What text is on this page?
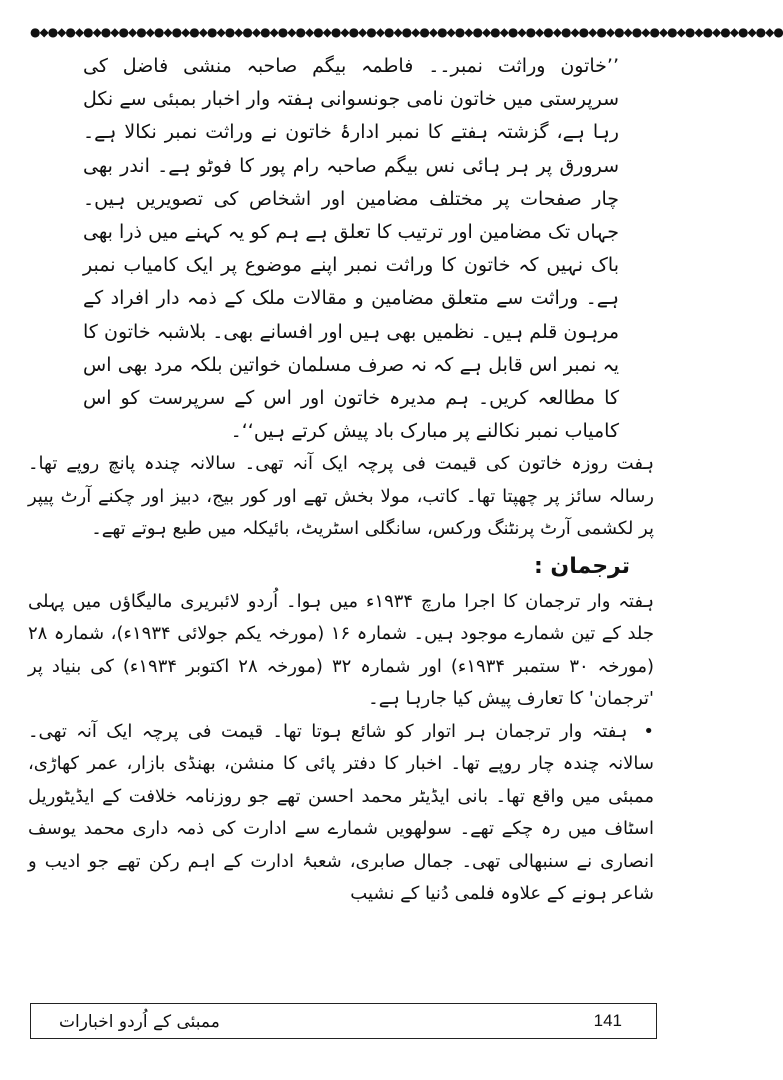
●◆●◆●◆●◆●◆●◆●◆●◆●◆●◆●◆●◆●◆●◆●◆●◆●◆●◆●◆●◆●◆●◆●◆●◆●◆●◆●◆●◆●◆●◆●◆●◆●◆●◆●◆●◆●◆●◆●◆●◆●◆●◆●

’’خاتون وراثت نمبر۔۔ فاطمہ بیگم صاحبہ منشی فاضل کی سرپرستی میں خاتون نامی جونسوانی ہفتہ وار اخبار بمبئی سے نکل رہا ہے، گزشتہ ہفتے کا نمبر ادارۂ خاتون نے وراثت نمبر نکالا ہے۔ سرورق پر ہر ہائی نس بیگم صاحبہ رام پور کا فوٹو ہے۔ اندر بھی چار صفحات پر مختلف مضامین اور اشخاص کی تصویریں ہیں۔ جہاں تک مضامین اور ترتیب کا تعلق ہے ہم کو یہ کہنے میں ذرا بھی باک نہیں کہ خاتون کا وراثت نمبر اپنے موضوع پر ایک کامیاب نمبر ہے۔ وراثت سے متعلق مضامین و مقالات ملک کے ذمہ دار افراد کے مرہون قلم ہیں۔ نظمیں بھی ہیں اور افسانے بھی۔ بلاشبہ خاتون کا یہ نمبر اس قابل ہے کہ نہ صرف مسلمان خواتین بلکہ مرد بھی اس کا مطالعہ کریں۔ ہم مدیرہ خاتون اور اس کے سرپرست کو اس کامیاب نمبر نکالنے پر مبارک باد پیش کرتے ہیں‘‘۔

ہفت روزہ خاتون کی قیمت فی پرچہ ایک آنہ تھی۔ سالانہ چندہ پانچ روپے تھا۔ رسالہ سائز پر چھپتا تھا۔ کاتب، مولا بخش تھے اور کور بیج، دبیز اور چکنے آرٹ پیپر پر لکشمی آرٹ پرنٹنگ ورکس، سانگلی اسٹریٹ، بائیکلہ میں طبع ہوتے تھے۔

ترجمان :

ہفتہ وار ترجمان کا اجرا مارچ ۱۹۳۴ء میں ہوا۔ اُردو لائبریری مالیگاؤں میں پہلی جلد کے تین شمارے موجود ہیں۔ شمارہ ۱۶ (مورخہ یکم جولائی ۱۹۳۴ء)، شمارہ ۲۸ (مورخہ ۳۰ ستمبر ۱۹۳۴ء) اور شمارہ ۳۲ (مورخہ ۲۸ اکتوبر ۱۹۳۴ء) کی بنیاد پر 'ترجمان' کا تعارف پیش کیا جارہا ہے۔

• ہفتہ وار ترجمان ہر اتوار کو شائع ہوتا تھا۔ قیمت فی پرچہ ایک آنہ تھی۔ سالانہ چندہ چار روپے تھا۔ اخبار کا دفتر پائی کا منشن، بھنڈی بازار، عمر کھاڑی، ممبئی میں واقع تھا۔ بانی ایڈیٹر محمد احسن تھے جو روزنامہ خلافت کے ایڈیٹوریل اسٹاف میں رہ چکے تھے۔ سولھویں شمارے سے ادارت کی ذمہ داری محمد یوسف انصاری نے سنبھالی تھی۔ جمال صابری، شعبۂ ادارت کے اہم رکن تھے جو ادیب و شاعر ہونے کے علاوہ فلمی دُنیا کے نشیب

ممبئی کے اُردو اخبارات	141
